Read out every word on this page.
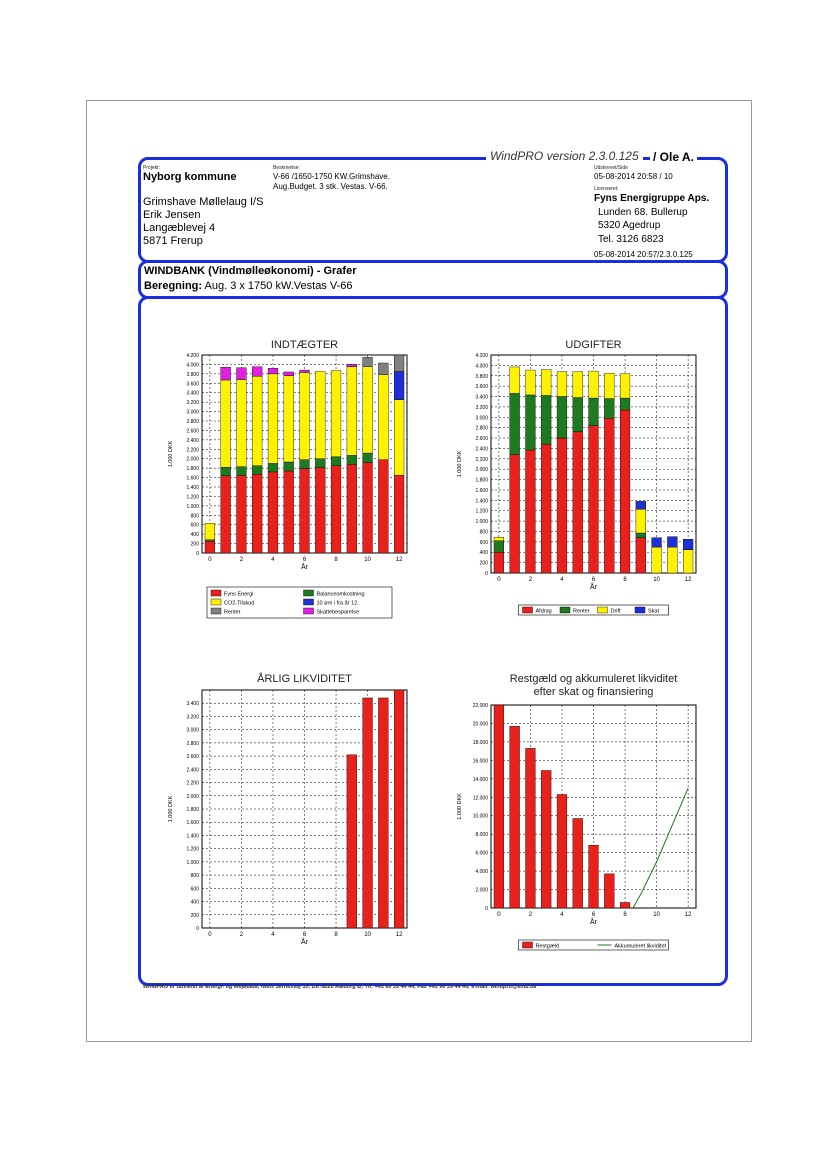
WindPRO version 2.3.0.125	/ Ole A.
Projekt:
Nyborg kommune
Beskrivelse:
V-66 /1650-1750 KW.Grimshave.
Aug.Budget. 3 stk. Vestas. V-66.
Udskrevet/Side
05-08-2014 20:58 / 10
Licenseret:
Fyns Energigruppe Aps.
Lunden 68. Bullerup
5320 Agedrup
Tel. 3126 6823
05-08-2014 20:57/2.3.0.125
Grimshave Møllelaug I/S
Erik Jensen
Langæblevej 4
5871 Frerup
WINDBANK (Vindmølleøkonomi) - Grafer
Beregning: Aug. 3 x 1750 kW.Vestas V-66
0
200
400
600
800
1.000
1.200
1.400
1.600
1.800
2.000
2.200
2.400
2.600
2.800
3.000
3.200
3.400
3.600
3.800
4.000
4.200
0	2	4	6	8	10	12
År
1.000 DKK
INDTÆGTER
Fyns Energi	Balanceomkostning
CO2-Tilskud	10 øre i fra år 12.
Renter	Skattebesparelse
0
200
400
600
800
1.000
1.200
1.400
1.600
1.800
2.000
2.200
2.400
2.600
2.800
3.000
3.200
3.400
3.600
3.800
4.000
4.200
0	2	4	6	8	10	12
År
1.000 DKK
UDGIFTER
Afdrag	Renter	Drift	Skat
0
200
400
600
800
1.000
1.200
1.400
1.600
1.800
2.000
2.200
2.400
2.600
2.800
3.000
3.200
3.400
0	2	4	6	8	10	12
År
1.000 DKK
ÅRLIG LIKVIDITET
0
2.000
4.000
6.000
8.000
10.000
12.000
14.000
16.000
18.000
20.000
22.000
0	2	4	6	8	10	12
År
1.000 DKK
Restgæld og akkumuleret likviditet
efter skat og finansiering
Restgæld	Akkumuleret likviditet
WindPRO er udviklet af Energi- og Miljødata, Niels Jernesvej 10, DK-9220 Aalborg Ø, Tlf. +45 96 35 44 44, Fax +45 96 35 44 46, e-mail: windpro@emd.dk
